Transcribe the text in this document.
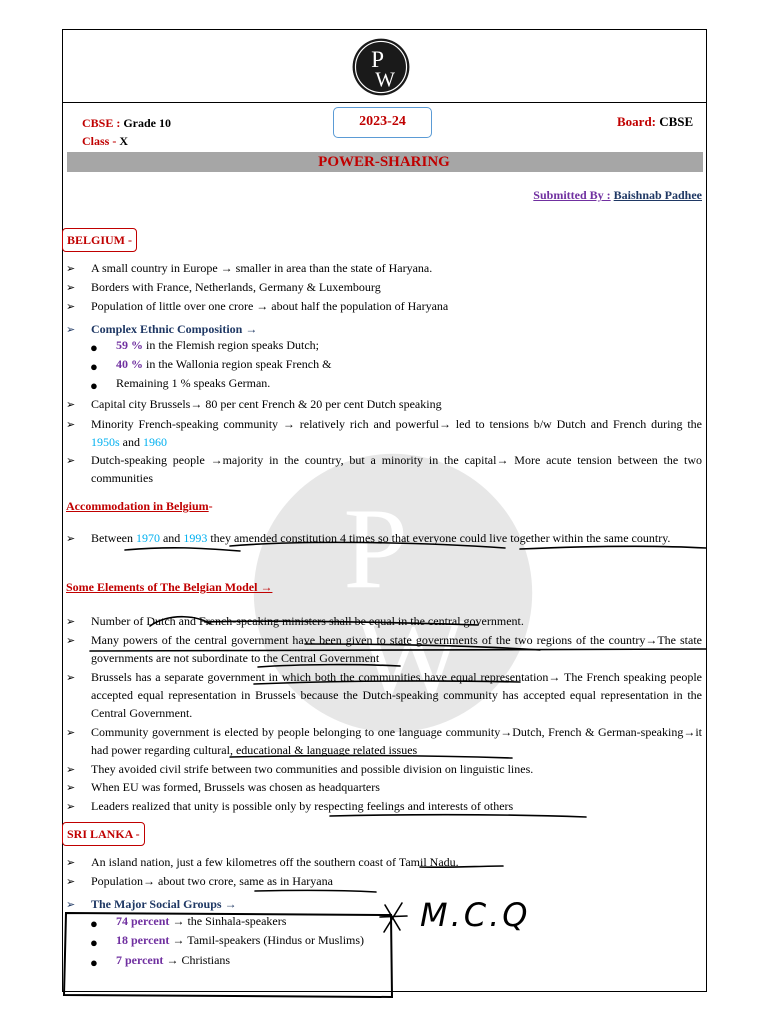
P
W
P
W
CBSE : Grade 10
Class - X
2023-24	Board: CBSE
POWER-SHARING
Submitted By : Baishnab Padhee
BELGIUM -
➢ A small country in Europe → smaller in area than the state of Haryana.
➢ Borders with France, Netherlands, Germany & Luxembourg
➢ Population of little over one crore → about half the population of Haryana
➢ Complex Ethnic Composition →
● 59 % in the Flemish region speaks Dutch;
● 40 % in the Wallonia region speak French &
● Remaining 1 % speaks German.
➢ Capital city Brussels→ 80 per cent French & 20 per cent Dutch speaking
➢ Minority French-speaking community → relatively rich and powerful→ led to tensions b/w Dutch and French during the 1950s and 1960
➢ Dutch-speaking people →majority in the country, but a minority in the capital→ More acute tension between the two communities
Accommodation in Belgium-
➢ Between 1970 and 1993 they amended constitution 4 times so that everyone could live together within the same country.
Some Elements of The Belgian Model →
➢ Number of Dutch and French-speaking ministers shall be equal in the central government.
➢ Many powers of the central government have been given to state governments of the two regions of the country→The state governments are not subordinate to the Central Government
➢ Brussels has a separate government in which both the communities have equal representation→ The French speaking people accepted equal representation in Brussels because the Dutch-speaking community has accepted equal representation in the Central Government.
➢ Community government is elected by people belonging to one language community→Dutch, French & German-speaking→it had power regarding cultural, educational & language related issues
➢ They avoided civil strife between two communities and possible division on linguistic lines.
➢ When EU was formed, Brussels was chosen as headquarters
➢ Leaders realized that unity is possible only by respecting feelings and interests of others
SRI LANKA -
➢ An island nation, just a few kilometres off the southern coast of Tamil Nadu.
➢ Population→ about two crore, same as in Haryana
➢ The Major Social Groups →
● 74 percent → the Sinhala-speakers
● 18 percent → Tamil-speakers (Hindus or Muslims)
● 7 percent → Christians
M.C.Q
